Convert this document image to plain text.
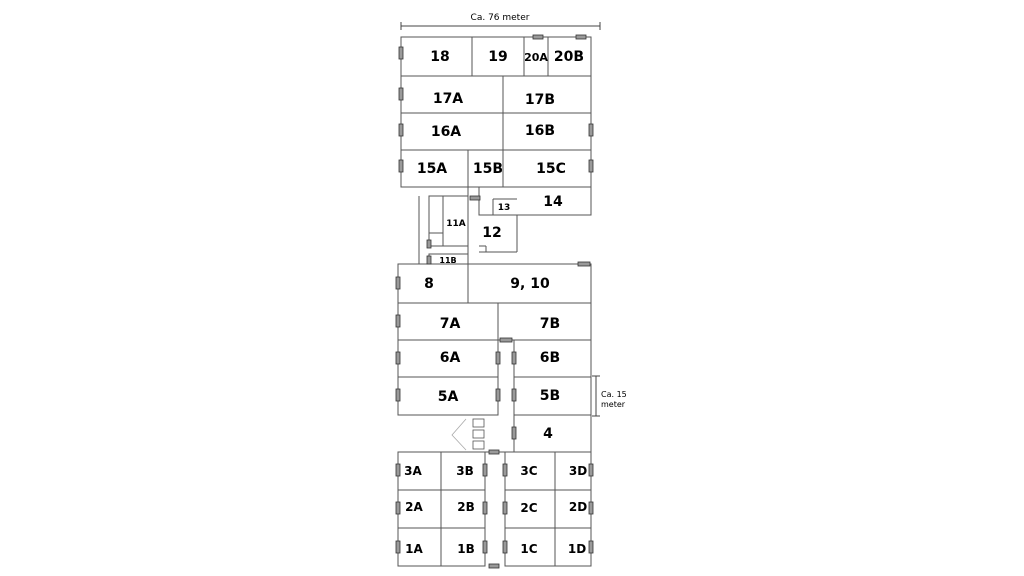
Ca. 76 meter
Ca. 15
meter
18	19 20A 20B
17A	17B
16A	16B
15A 15B 15C
14
13
12
11A
11B
8	9, 10
7A	7B
6A	6B
5A	5B
4
3A	3B	3C	3D
2A	2B	2C	2D
1A	1B	1C	1D
